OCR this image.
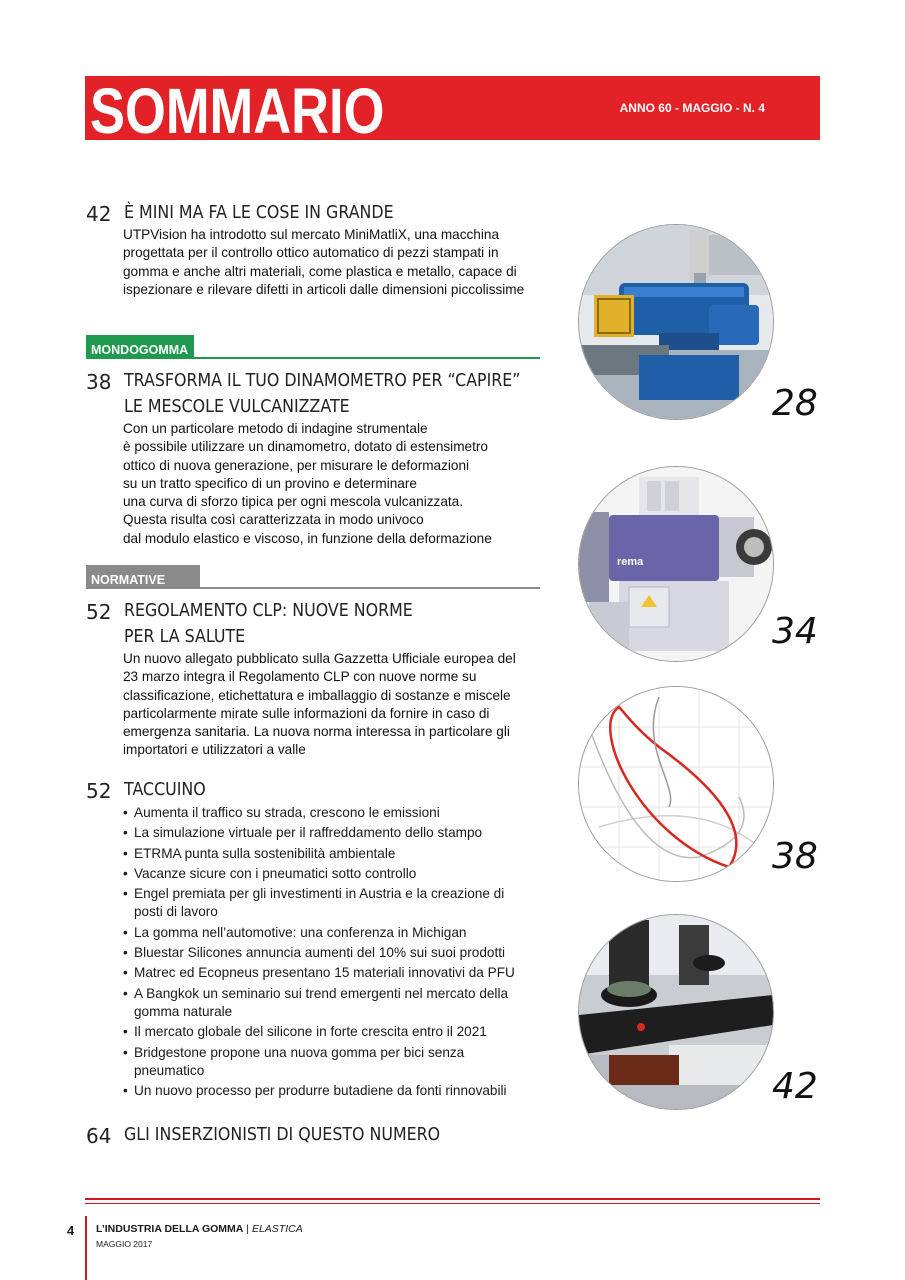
SOMMARIO	ANNO 60 - MAGGIO - N. 4
42 È MINI MA FA LE COSE IN GRANDE
UTPVision ha introdotto sul mercato MiniMatliX, una macchina progettata per il controllo ottico automatico di pezzi stampati in gomma e anche altri materiali, come plastica e metallo, capace di ispezionare e rilevare difetti in articoli dalle dimensioni piccolissime
MONDOGOMMA
38 TRASFORMA IL TUO DINAMOMETRO PER “CAPIRE”
LE MESCOLE VULCANIZZATE
Con un particolare metodo di indagine strumentale
è possibile utilizzare un dinamometro, dotato di estensimetro
ottico di nuova generazione, per misurare le deformazioni
su un tratto specifico di un provino e determinare
una curva di sforzo tipica per ogni mescola vulcanizzata.
Questa risulta così caratterizzata in modo univoco
dal modulo elastico e viscoso, in funzione della deformazione
NORMATIVE
52 REGOLAMENTO CLP: NUOVE NORME
PER LA SALUTE
Un nuovo allegato pubblicato sulla Gazzetta Ufficiale europea del 23 marzo integra il Regolamento CLP con nuove norme su classificazione, etichettatura e imballaggio di sostanze e miscele particolarmente mirate sulle informazioni da fornire in caso di emergenza sanitaria. La nuova norma interessa in particolare gli importatori e utilizzatori a valle
52 TACCUINO
• Aumenta il traffico su strada, crescono le emissioni
• La simulazione virtuale per il raffreddamento dello stampo
• ETRMA punta sulla sostenibilità ambientale
• Vacanze sicure con i pneumatici sotto controllo
• Engel premiata per gli investimenti in Austria e la creazione di posti di lavoro
• La gomma nell’automotive: una conferenza in Michigan
• Bluestar Silicones annuncia aumenti del 10% sui suoi prodotti
• Matrec ed Ecopneus presentano 15 materiali innovativi da PFU
• A Bangkok un seminario sui trend emergenti nel mercato della gomma naturale
• Il mercato globale del silicone in forte crescita entro il 2021
• Bridgestone propone una nuova gomma per bici senza pneumatico
• Un nuovo processo per produrre butadiene da fonti rinnovabili
64 GLI INSERZIONISTI DI QUESTO NUMERO
28
rema
34
38
42
4 L’INDUSTRIA DELLA GOMMA | ELASTICA
MAGGIO 2017
